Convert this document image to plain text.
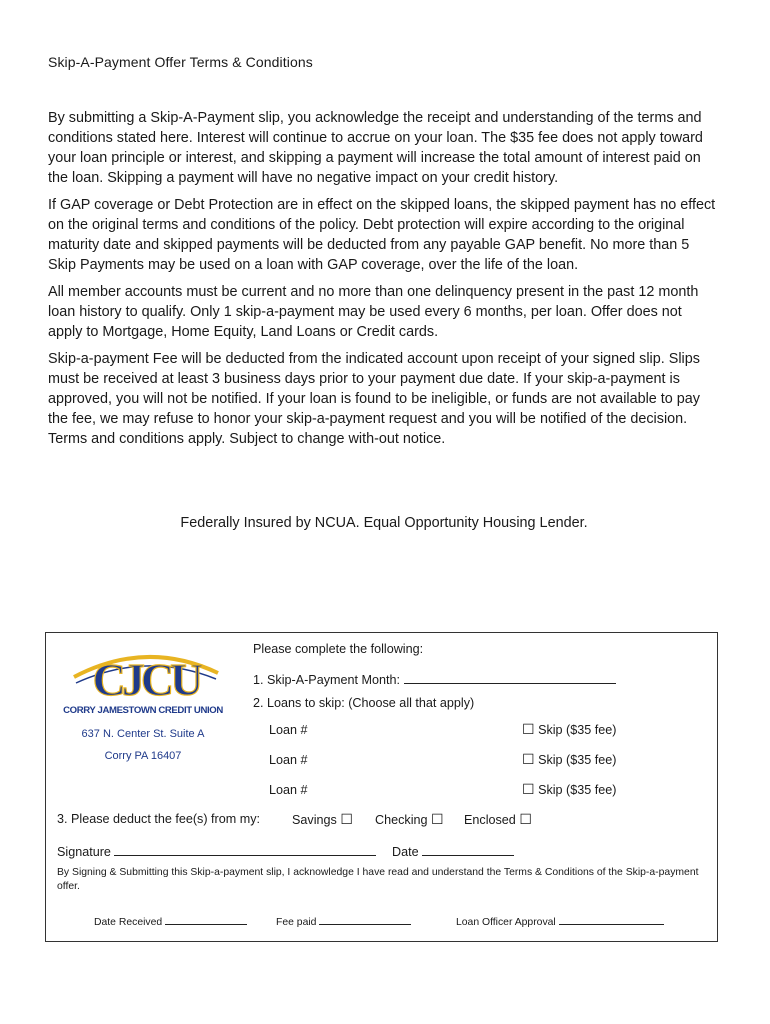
Skip-A-Payment Offer Terms & Conditions

By submitting a Skip-A-Payment slip, you acknowledge the receipt and understanding of the terms and conditions stated here. Interest will continue to accrue on your loan. The $35 fee does not apply toward your loan principle or interest, and skipping a payment will increase the total amount of interest paid on the loan. Skipping a payment will have no negative impact on your credit history.

If GAP coverage or Debt Protection are in effect on the skipped loans, the skipped payment has no effect on the original terms and conditions of the policy. Debt protection will expire according to the original maturity date and skipped payments will be deducted from any payable GAP benefit. No more than 5 Skip Payments may be used on a loan with GAP coverage, over the life of the loan.

All member accounts must be current and no more than one delinquency present in the past 12 month loan history to qualify. Only 1 skip-a-payment may be used every 6 months, per loan. Offer does not apply to Mortgage, Home Equity, Land Loans or Credit cards.

Skip-a-payment Fee will be deducted from the indicated account upon receipt of your signed slip. Slips must be received at least 3 business days prior to your payment due date. If your skip-a-payment is approved, you will not be notified. If your loan is found to be ineligible, or funds are not available to pay the fee, we may refuse to honor your skip-a-payment request and you will be notified of the decision. Terms and conditions apply. Subject to change with-out notice.

Federally Insured by NCUA. Equal Opportunity Housing Lender.
CJCU
CORRY JAMESTOWN CREDIT UNION
637 N. Center St. Suite A
Corry PA 16407
Please complete the following:
1. Skip-A-Payment Month:
2. Loans to skip: (Choose all that apply)
Loan #	☐ Skip ($35 fee)
Loan #	☐ Skip ($35 fee)
Loan #	☐ Skip ($35 fee)
3. Please deduct the fee(s) from my:	Savings ☐ Checking ☐ Enclosed ☐
Signature	Date
By Signing & Submitting this Skip-a-payment slip, I acknowledge I have read and understand the Terms & Conditions of the Skip-a-payment offer.
Date Received	Fee paid	Loan Officer Approval
